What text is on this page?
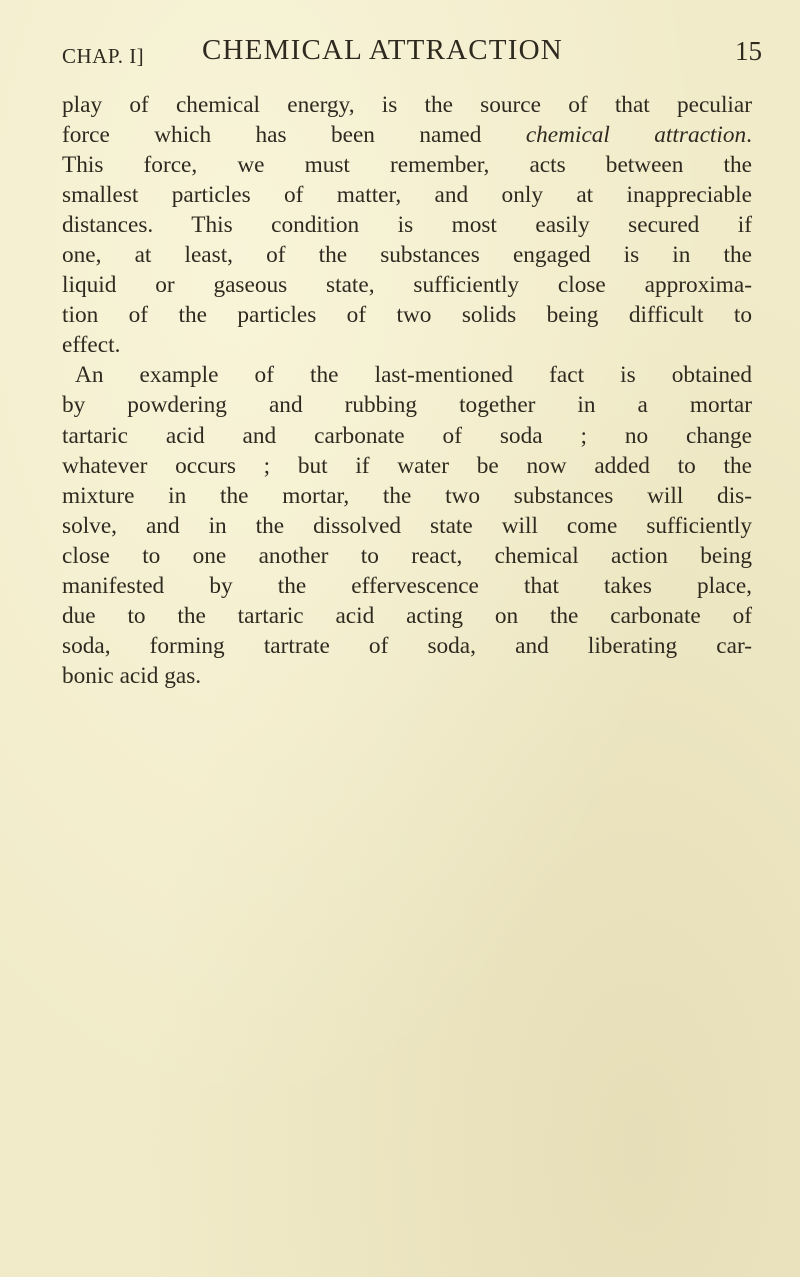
CHAP. I] CHEMICAL ATTRACTION	15

play of chemical energy, is the source of that peculiar
force which has been named chemical attraction.
This force, we must remember, acts between the
smallest particles of matter, and only at inappreciable
distances. This condition is most easily secured if
one, at least, of the substances engaged is in the
liquid or gaseous state, sufficiently close approxima-
tion of the particles of two solids being difficult to
effect.

An example of the last-mentioned fact is obtained
by powdering and rubbing together in a mortar
tartaric acid and carbonate of soda ; no change
whatever occurs ; but if water be now added to the
mixture in the mortar, the two substances will dis-
solve, and in the dissolved state will come sufficiently
close to one another to react, chemical action being
manifested by the effervescence that takes place,
due to the tartaric acid acting on the carbonate of
soda, forming tartrate of soda, and liberating car-
bonic acid gas.
